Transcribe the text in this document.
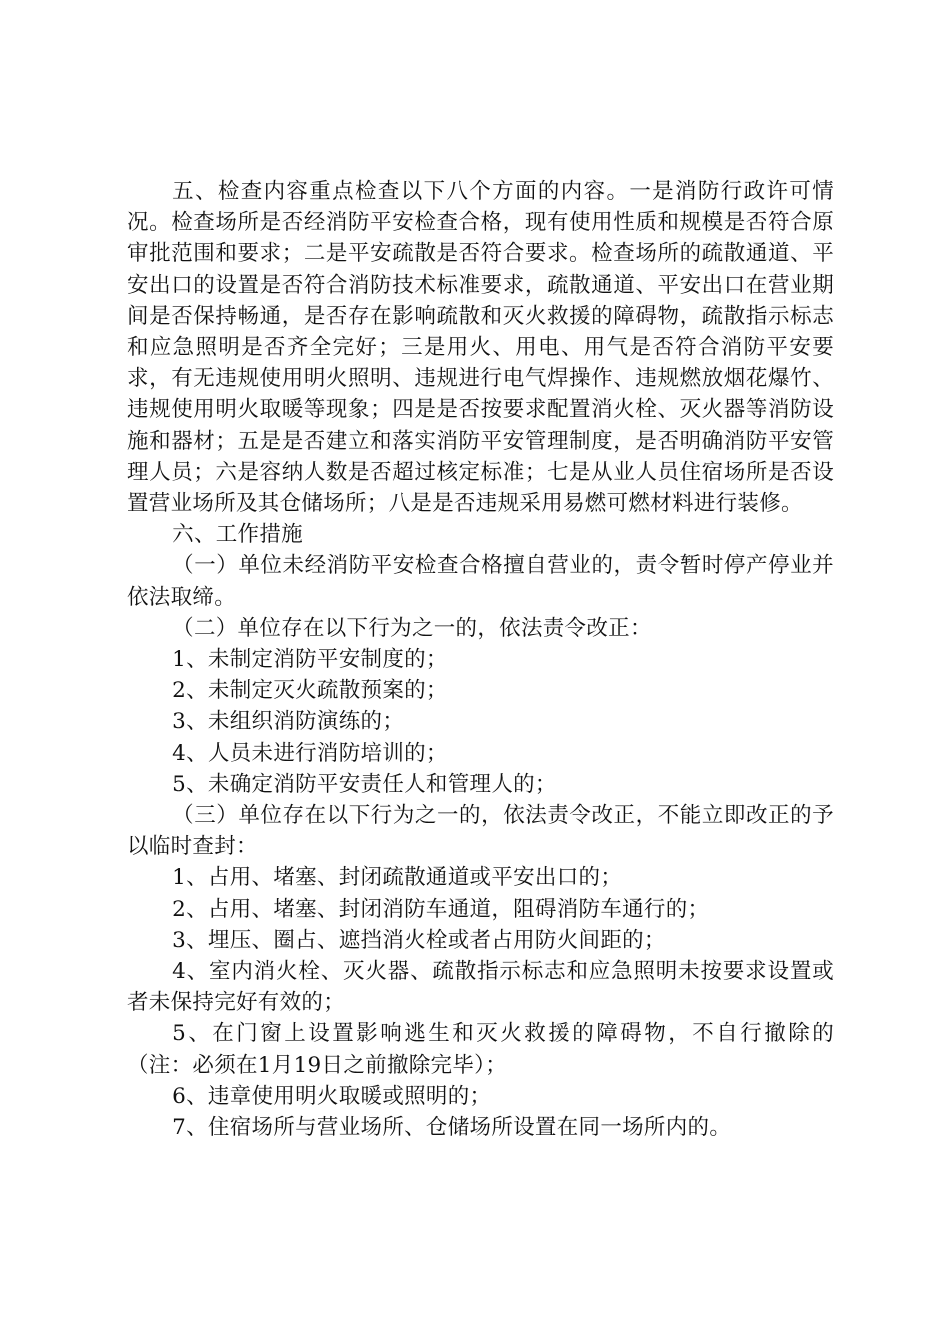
五、检查内容重点检查以下八个方面的内容。一是消防行政许可情况。检查场所是否经消防平安检查合格，现有使用性质和规模是否符合原审批范围和要求；二是平安疏散是否符合要求。检查场所的疏散通道、平安出口的设置是否符合消防技术标准要求，疏散通道、平安出口在营业期间是否保持畅通，是否存在影响疏散和灭火救援的障碍物，疏散指示标志和应急照明是否齐全完好；三是用火、用电、用气是否符合消防平安要求，有无违规使用明火照明、违规进行电气焊操作、违规燃放烟花爆竹、违规使用明火取暖等现象；四是是否按要求配置消火栓、灭火器等消防设施和器材；五是是否建立和落实消防平安管理制度，是否明确消防平安管理人员；六是容纳人数是否超过核定标准；七是从业人员住宿场所是否设置营业场所及其仓储场所；八是是否违规采用易燃可燃材料进行装修。

六、工作措施

（一）单位未经消防平安检查合格擅自营业的，责令暂时停产停业并依法取缔。

（二）单位存在以下行为之一的，依法责令改正：

1、未制定消防平安制度的；

2、未制定灭火疏散预案的；

3、未组织消防演练的；

4、人员未进行消防培训的；

5、未确定消防平安责任人和管理人的；

（三）单位存在以下行为之一的，依法责令改正，不能立即改正的予以临时查封：

1、占用、堵塞、封闭疏散通道或平安出口的；

2、占用、堵塞、封闭消防车通道，阻碍消防车通行的；

3、埋压、圈占、遮挡消火栓或者占用防火间距的；

4、室内消火栓、灭火器、疏散指示标志和应急照明未按要求设置或者未保持完好有效的；

5、在门窗上设置影响逃生和灭火救援的障碍物，不自行撤除的（注：必须在1月19日之前撤除完毕）；

6、违章使用明火取暖或照明的；

7、住宿场所与营业场所、仓储场所设置在同一场所内的。
